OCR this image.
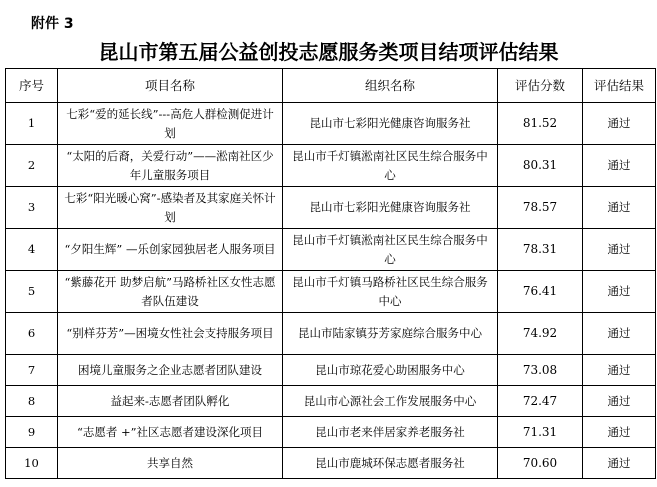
附件 3
昆山市第五届公益创投志愿服务类项目结项评估结果
序号	项目名称	组织名称	评估分数	评估结果
1	七彩“爱的延长线”---高危人群检测促进计划	昆山市七彩阳光健康咨询服务社	81.52	通过
2	“太阳的后裔，关爱行动”——淞南社区少年儿童服务项目	昆山市千灯镇淞南社区民生综合服务中心	80.31	通过
3	七彩“阳光暖心窝”-感染者及其家庭关怀计划	昆山市七彩阳光健康咨询服务社	78.57	通过
4	“夕阳生辉” —乐创家园独居老人服务项目	昆山市千灯镇淞南社区民生综合服务中心	78.31	通过
5	“紫藤花开 助梦启航”马路桥社区女性志愿者队伍建设	昆山市千灯镇马路桥社区民生综合服务中心	76.41	通过
6	“别样芬芳”—困境女性社会支持服务项目	昆山市陆家镇芬芳家庭综合服务中心	74.92	通过
7	困境儿童服务之企业志愿者团队建设	昆山市琼花爱心助困服务中心	73.08	通过
8	益起来-志愿者团队孵化	昆山市心源社会工作发展服务中心	72.47	通过
9	“志愿者 +”社区志愿者建设深化项目	昆山市老来伴居家养老服务社	71.31	通过
10	共享自然	昆山市鹿城环保志愿者服务社	70.60	通过
